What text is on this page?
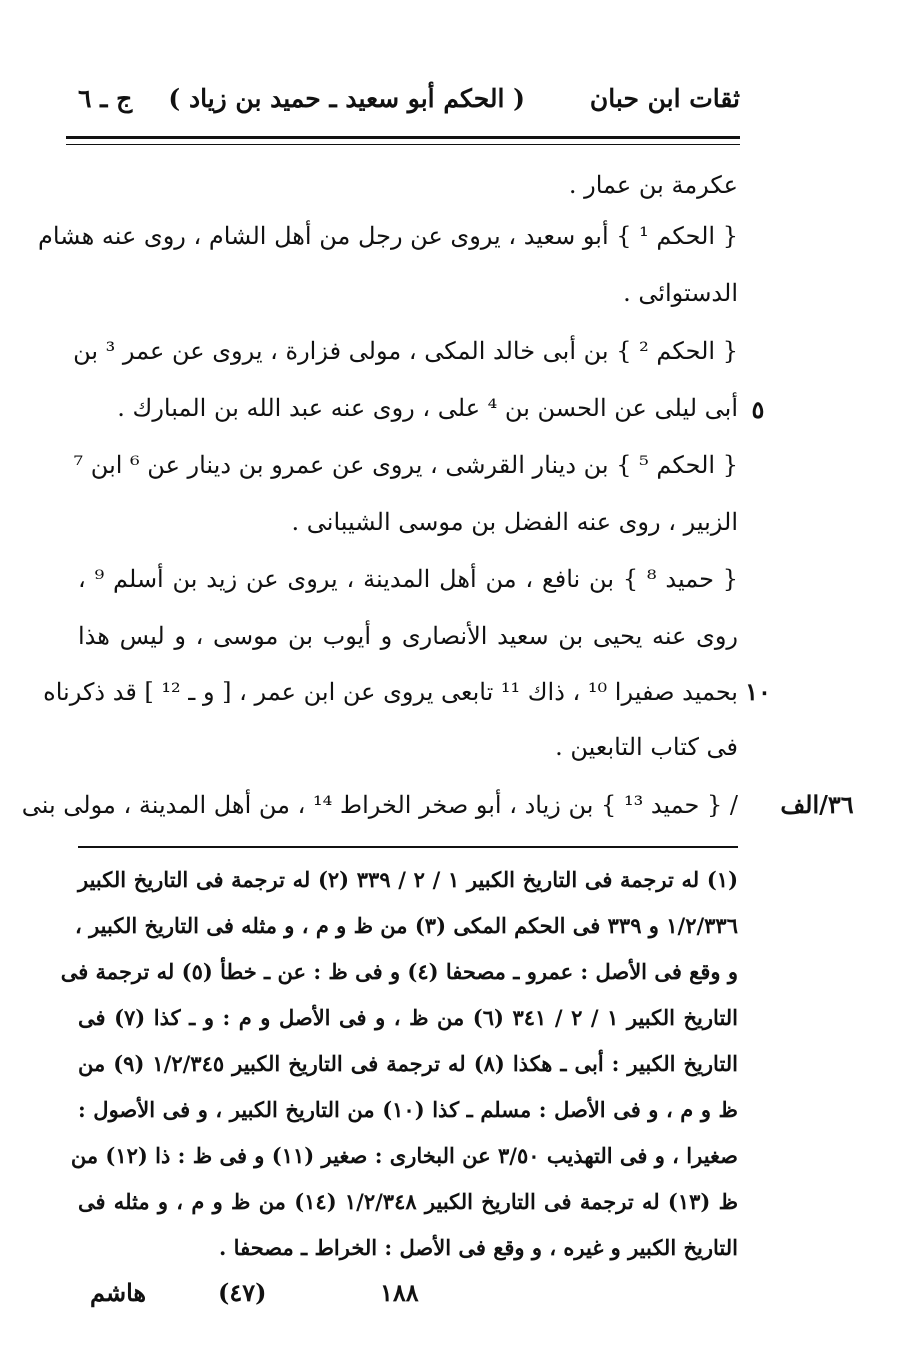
ثقات ابن حبان
( الحكم أبو سعيد ـ حميد بن زياد )
ج ـ ٦
عكرمة بن عمار .
{ الحكم ¹ } أبو سعيد ، يروى عن رجل من أهل الشام ، روى عنه هشام
الدستوائى .
{ الحكم ² } بن أبى خالد المكى ، مولى فزارة ، يروى عن عمر ³ بن
أبى ليلى عن الحسن بن ⁴ على ، روى عنه عبد الله بن المبارك .
{ الحكم ⁵ } بن دينار القرشى ، يروى عن عمرو بن دينار عن ⁶ ابن ⁷
الزبير ، روى عنه الفضل بن موسى الشيبانى .
{ حميد ⁸ } بن نافع ، من أهل المدينة ، يروى عن زيد بن أسلم ⁹ ،
روى عنه يحيى بن سعيد الأنصارى و أيوب بن موسى ، و ليس هذا
بحميد صفيرا ¹⁰ ، ذاك ¹¹ تابعى يروى عن ابن عمر ، [ و ـ ¹² ] قد ذكرناه
فى كتاب التابعين .
/ { حميد ¹³ } بن زياد ، أبو صخر الخراط ¹⁴ ، من أهل المدينة ، مولى بنى
٥
١٠
٣٦/الف
(١) له ترجمة فى التاريخ الكبير ١ / ٢ / ٣٣٩ (٢) له ترجمة فى التاريخ الكبير
١/٢/٣٣٦ و ٣٣٩ فى الحكم المكى (٣) من ظ و م ، و مثله فى التاريخ الكبير ،
و وقع فى الأصل : عمرو ـ مصحفا (٤) و فى ظ : عن ـ خطأ (٥) له ترجمة فى
التاريخ الكبير ١ / ٢ / ٣٤١ (٦) من ظ ، و فى الأصل و م : و ـ كذا (٧) فى
التاريخ الكبير : أبى ـ هكذا (٨) له ترجمة فى التاريخ الكبير ١/٢/٣٤٥ (٩) من
ظ و م ، و فى الأصل : مسلم ـ كذا (١٠) من التاريخ الكبير ، و فى الأصول :
صغيرا ، و فى التهذيب ٣/٥٠ عن البخارى : صغير (١١) و فى ظ : ذا (١٢) من
ظ (١٣) له ترجمة فى التاريخ الكبير ١/٢/٣٤٨ (١٤) من ظ و م ، و مثله فى
التاريخ الكبير و غيره ، و وقع فى الأصل : الخراط ـ مصحفا .
١٨٨
(٤٧)
هاشم
